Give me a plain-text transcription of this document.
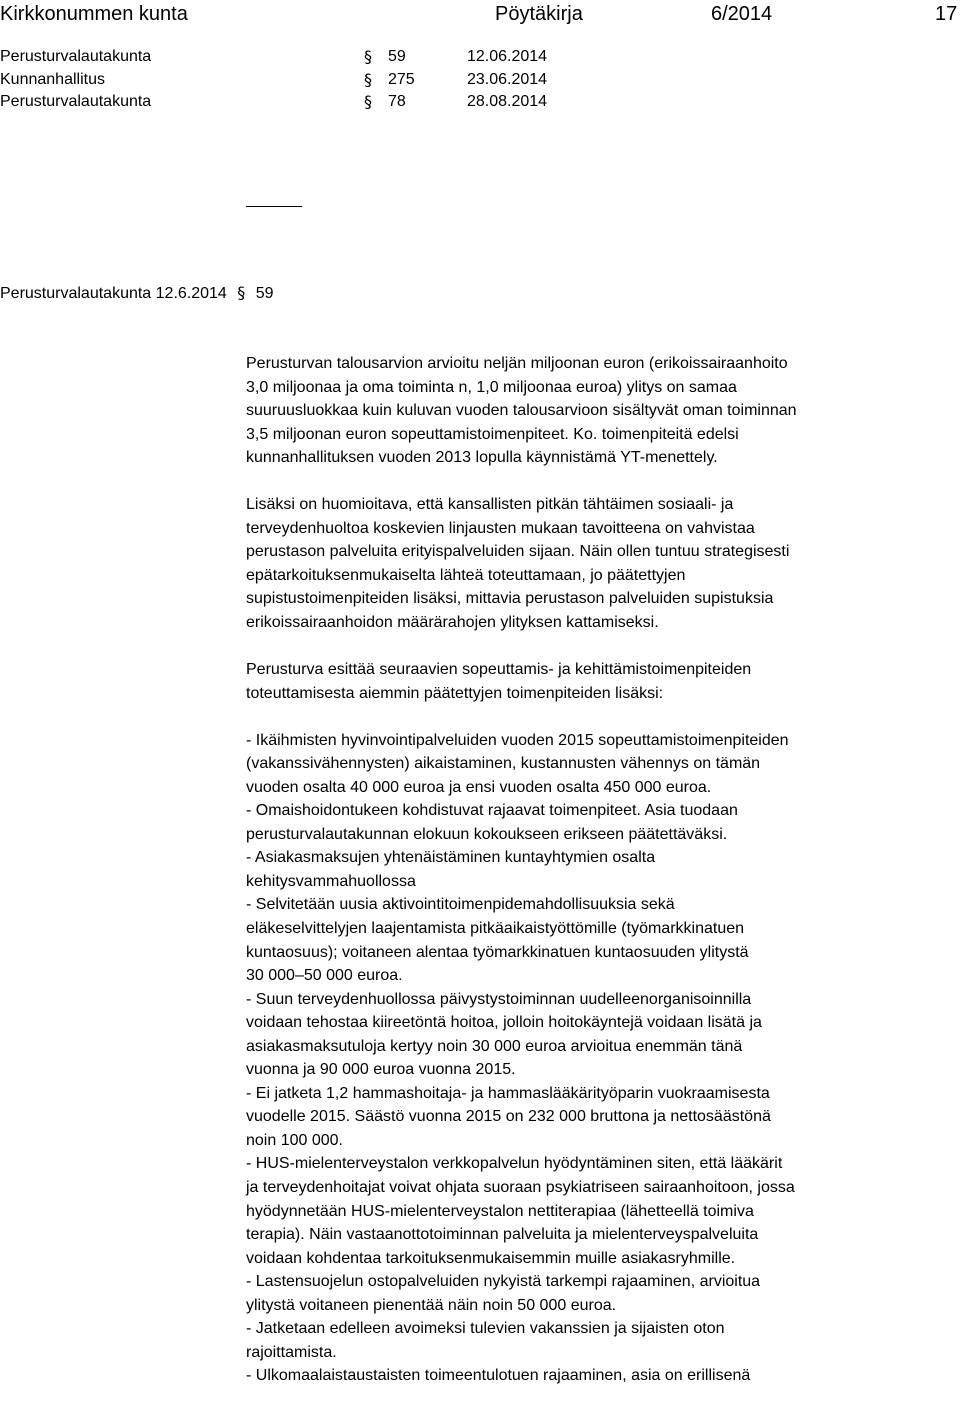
Kirkkonummen kunta	Pöytäkirja	6/2014	17
Perusturvalautakunta	§ 59	12.06.2014
Kunnanhallitus	§ 275	23.06.2014
Perusturvalautakunta	§ 78	28.08.2014
Perusturvalautakunta 12.6.2014 § 59

Perusturvan talousarvion arvioitu neljän miljoonan euron (erikoissairaanhoito

3,0 miljoonaa ja oma toiminta n, 1,0 miljoonaa euroa) ylitys on samaa

suuruusluokkaa kuin kuluvan vuoden talousarvioon sisältyvät oman toiminnan

3,5 miljoonan euron sopeuttamistoimenpiteet. Ko. toimenpiteitä edelsi

kunnanhallituksen vuoden 2013 lopulla käynnistämä YT-menettely.

Lisäksi on huomioitava, että kansallisten pitkän tähtäimen sosiaali- ja

terveydenhuoltoa koskevien linjausten mukaan tavoitteena on vahvistaa

perustason palveluita erityispalveluiden sijaan. Näin ollen tuntuu strategisesti

epätarkoituksenmukaiselta lähteä toteuttamaan, jo päätettyjen

supistustoimenpiteiden lisäksi, mittavia perustason palveluiden supistuksia

erikoissairaanhoidon määrärahojen ylityksen kattamiseksi.

Perusturva esittää seuraavien sopeuttamis- ja kehittämistoimenpiteiden

toteuttamisesta aiemmin päätettyjen toimenpiteiden lisäksi:

- Ikäihmisten hyvinvointipalveluiden vuoden 2015 sopeuttamistoimenpiteiden

(vakanssivähennysten) aikaistaminen, kustannusten vähennys on tämän

vuoden osalta 40 000 euroa ja ensi vuoden osalta 450 000 euroa.

- Omaishoidontukeen kohdistuvat rajaavat toimenpiteet. Asia tuodaan

perusturvalautakunnan elokuun kokoukseen erikseen päätettäväksi.

- Asiakasmaksujen yhtenäistäminen kuntayhtymien osalta

kehitysvammahuollossa

- Selvitetään uusia aktivointitoimenpidemahdollisuuksia sekä

eläkeselvittelyjen laajentamista pitkäaikaistyöttömille (työmarkkinatuen

kuntaosuus); voitaneen alentaa työmarkkinatuen kuntaosuuden ylitystä

30 000–50 000 euroa.

- Suun terveydenhuollossa päivystystoiminnan uudelleenorganisoinnilla

voidaan tehostaa kiireetöntä hoitoa, jolloin hoitokäyntejä voidaan lisätä ja

asiakasmaksutuloja kertyy noin 30 000 euroa arvioitua enemmän tänä

vuonna ja 90 000 euroa vuonna 2015.

- Ei jatketa 1,2 hammashoitaja- ja hammaslääkärityöparin vuokraamisesta

vuodelle 2015. Säästö vuonna 2015 on 232 000 bruttona ja nettosäästönä

noin 100 000.

- HUS-mielenterveystalon verkkopalvelun hyödyntäminen siten, että lääkärit

ja terveydenhoitajat voivat ohjata suoraan psykiatriseen sairaanhoitoon, jossa

hyödynnetään HUS-mielenterveystalon nettiterapiaa (lähetteellä toimiva

terapia). Näin vastaanottotoiminnan palveluita ja mielenterveyspalveluita

voidaan kohdentaa tarkoituksenmukaisemmin muille asiakasryhmille.

- Lastensuojelun ostopalveluiden nykyistä tarkempi rajaaminen, arvioitua

ylitystä voitaneen pienentää näin noin 50 000 euroa.

- Jatketaan edelleen avoimeksi tulevien vakanssien ja sijaisten oton

rajoittamista.

- Ulkomaalaistaustaisten toimeentulotuen rajaaminen, asia on erillisenä
